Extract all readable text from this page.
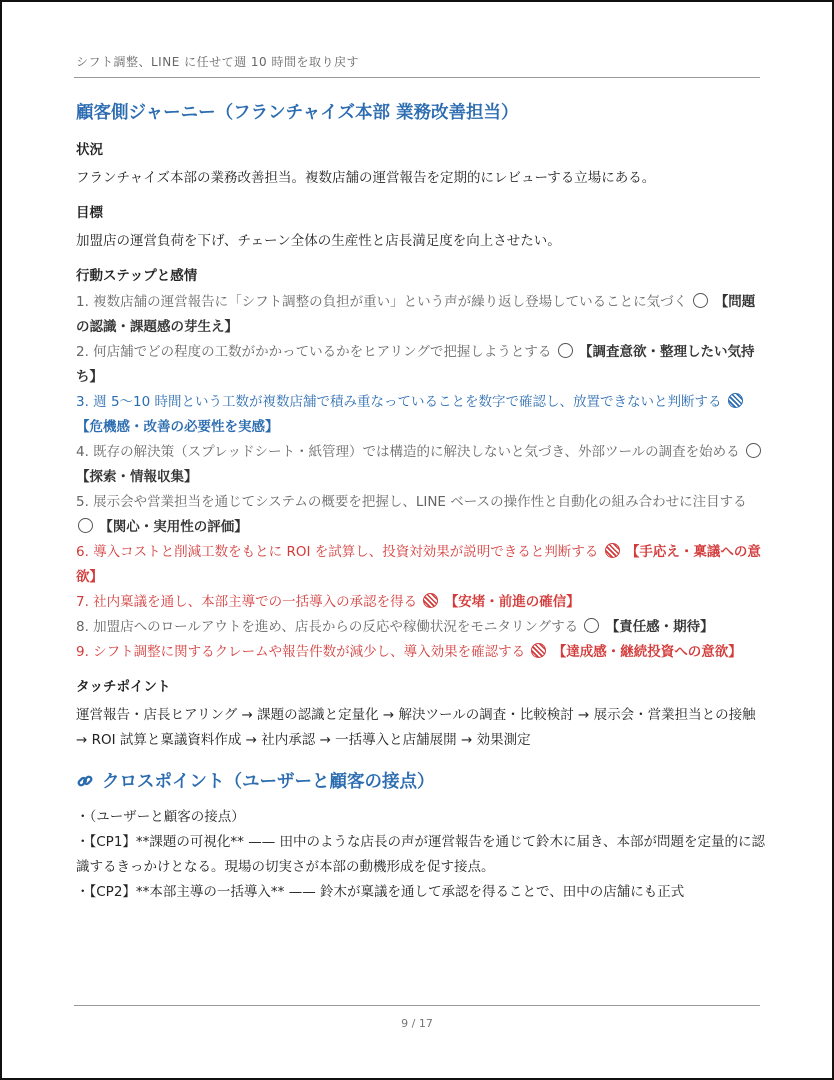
シフト調整、LINE に任せて週 10 時間を取り戻す
顧客側ジャーニー（フランチャイズ本部 業務改善担当）
状況
フランチャイズ本部の業務改善担当。複数店舗の運営報告を定期的にレビューする立場にある。
目標
加盟店の運営負荷を下げ、チェーン全体の生産性と店長満足度を向上させたい。
行動ステップと感情
1. 複数店舗の運営報告に「シフト調整の負担が重い」という声が繰り返し登場していることに気づく 【問題の認識・課題感の芽生え】
2. 何店舗でどの程度の工数がかかっているかをヒアリングで把握しようとする 【調査意欲・整理したい気持ち】
3. 週 5〜10 時間という工数が複数店舗で積み重なっていることを数字で確認し、放置できないと判断する  【危機感・改善の必要性を実感】
4. 既存の解決策（スプレッドシート・紙管理）では構造的に解決しないと気づき、外部ツールの調査を始める  【探索・情報収集】
5. 展示会や営業担当を通じてシステムの概要を把握し、LINE ベースの操作性と自動化の組み合わせに注目する  【関心・実用性の評価】
6. 導入コストと削減工数をもとに ROI を試算し、投資対効果が説明できると判断する 【手応え・稟議への意欲】
7. 社内稟議を通し、本部主導での一括導入の承認を得る 【安堵・前進の確信】
8. 加盟店へのロールアウトを進め、店長からの反応や稼働状況をモニタリングする 【責任感・期待】
9. シフト調整に関するクレームや報告件数が減少し、導入効果を確認する 【達成感・継続投資への意欲】
タッチポイント
運営報告・店長ヒアリング → 課題の認識と定量化 → 解決ツールの調査・比較検討 → 展示会・営業担当との接触 → ROI 試算と稟議資料作成 → 社内承認 → 一括導入と店舗展開 → 効果測定
クロスポイント（ユーザーと顧客の接点）
・（ユーザーと顧客の接点）
・【CP1】**課題の可視化** —— 田中のような店長の声が運営報告を通じて鈴木に届き、本部が問題を定量的に認識するきっかけとなる。現場の切実さが本部の動機形成を促す接点。
・【CP2】**本部主導の一括導入** —— 鈴木が稟議を通して承認を得ることで、田中の店舗にも正式
9 / 17
